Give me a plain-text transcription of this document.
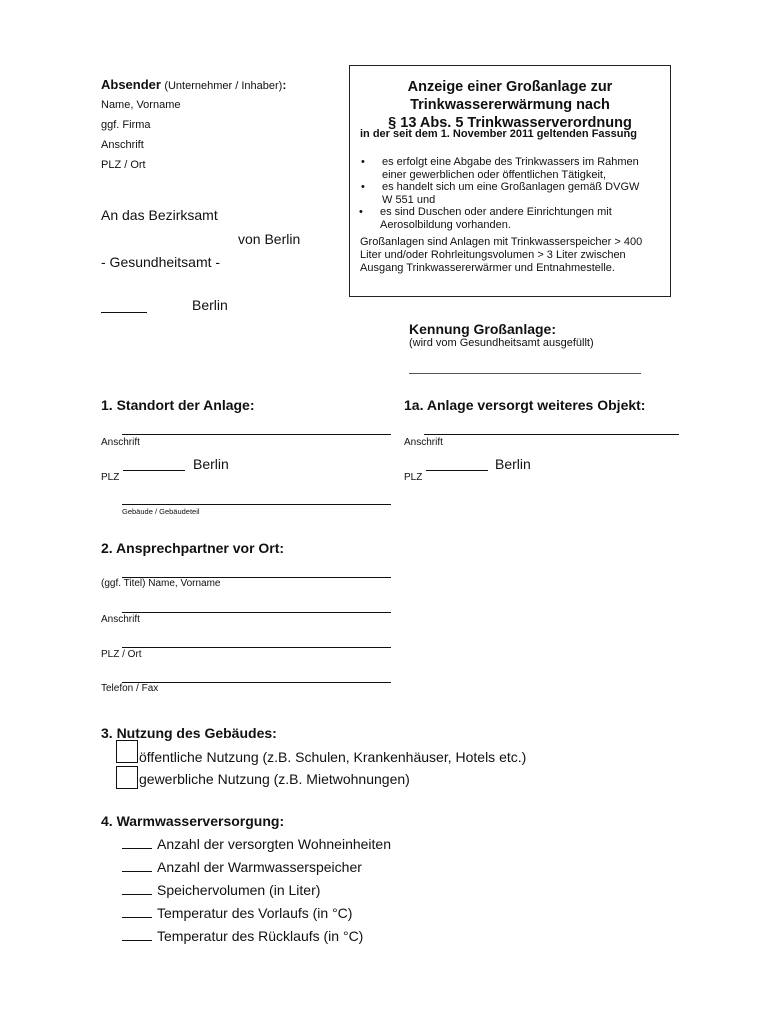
Absender (Unternehmer / Inhaber):
Name, Vorname
ggf. Firma
Anschrift
PLZ / Ort
An das Bezirksamt
von Berlin
- Gesundheitsamt -
Berlin
Anzeige einer Großanlage zur
Trinkwassererwärmung nach
§ 13 Abs. 5 Trinkwasserverordnung
in der seit dem 1. November 2011 geltenden Fassung
• es erfolgt eine Abgabe des Trinkwassers im Rahmen
einer gewerblichen oder öffentlichen Tätigkeit,
• es handelt sich um eine Großanlagen gemäß DVGW
W 551 und
• es sind Duschen oder andere Einrichtungen mit
Aerosolbildung vorhanden.
Großanlagen sind Anlagen mit Trinkwasserspeicher > 400
Liter und/oder Rohrleitungsvolumen > 3 Liter zwischen
Ausgang Trinkwassererwärmer und Entnahmestelle.
Kennung Großanlage:
(wird vom Gesundheitsamt ausgefüllt)
1. Standort der Anlage:
Anschrift
Berlin
PLZ
Gebäude / Gebäudeteil
1a. Anlage versorgt weiteres Objekt:
Anschrift
Berlin
PLZ
2. Ansprechpartner vor Ort:
(ggf. Titel) Name, Vorname
Anschrift
PLZ / Ort
Telefon / Fax
3. Nutzung des Gebäudes:
öffentliche Nutzung (z.B. Schulen, Krankenhäuser, Hotels etc.)
gewerbliche Nutzung (z.B. Mietwohnungen)
4. Warmwasserversorgung:
Anzahl der versorgten Wohneinheiten
Anzahl der Warmwasserspeicher
Speichervolumen (in Liter)
Temperatur des Vorlaufs (in °C)
Temperatur des Rücklaufs (in °C)
